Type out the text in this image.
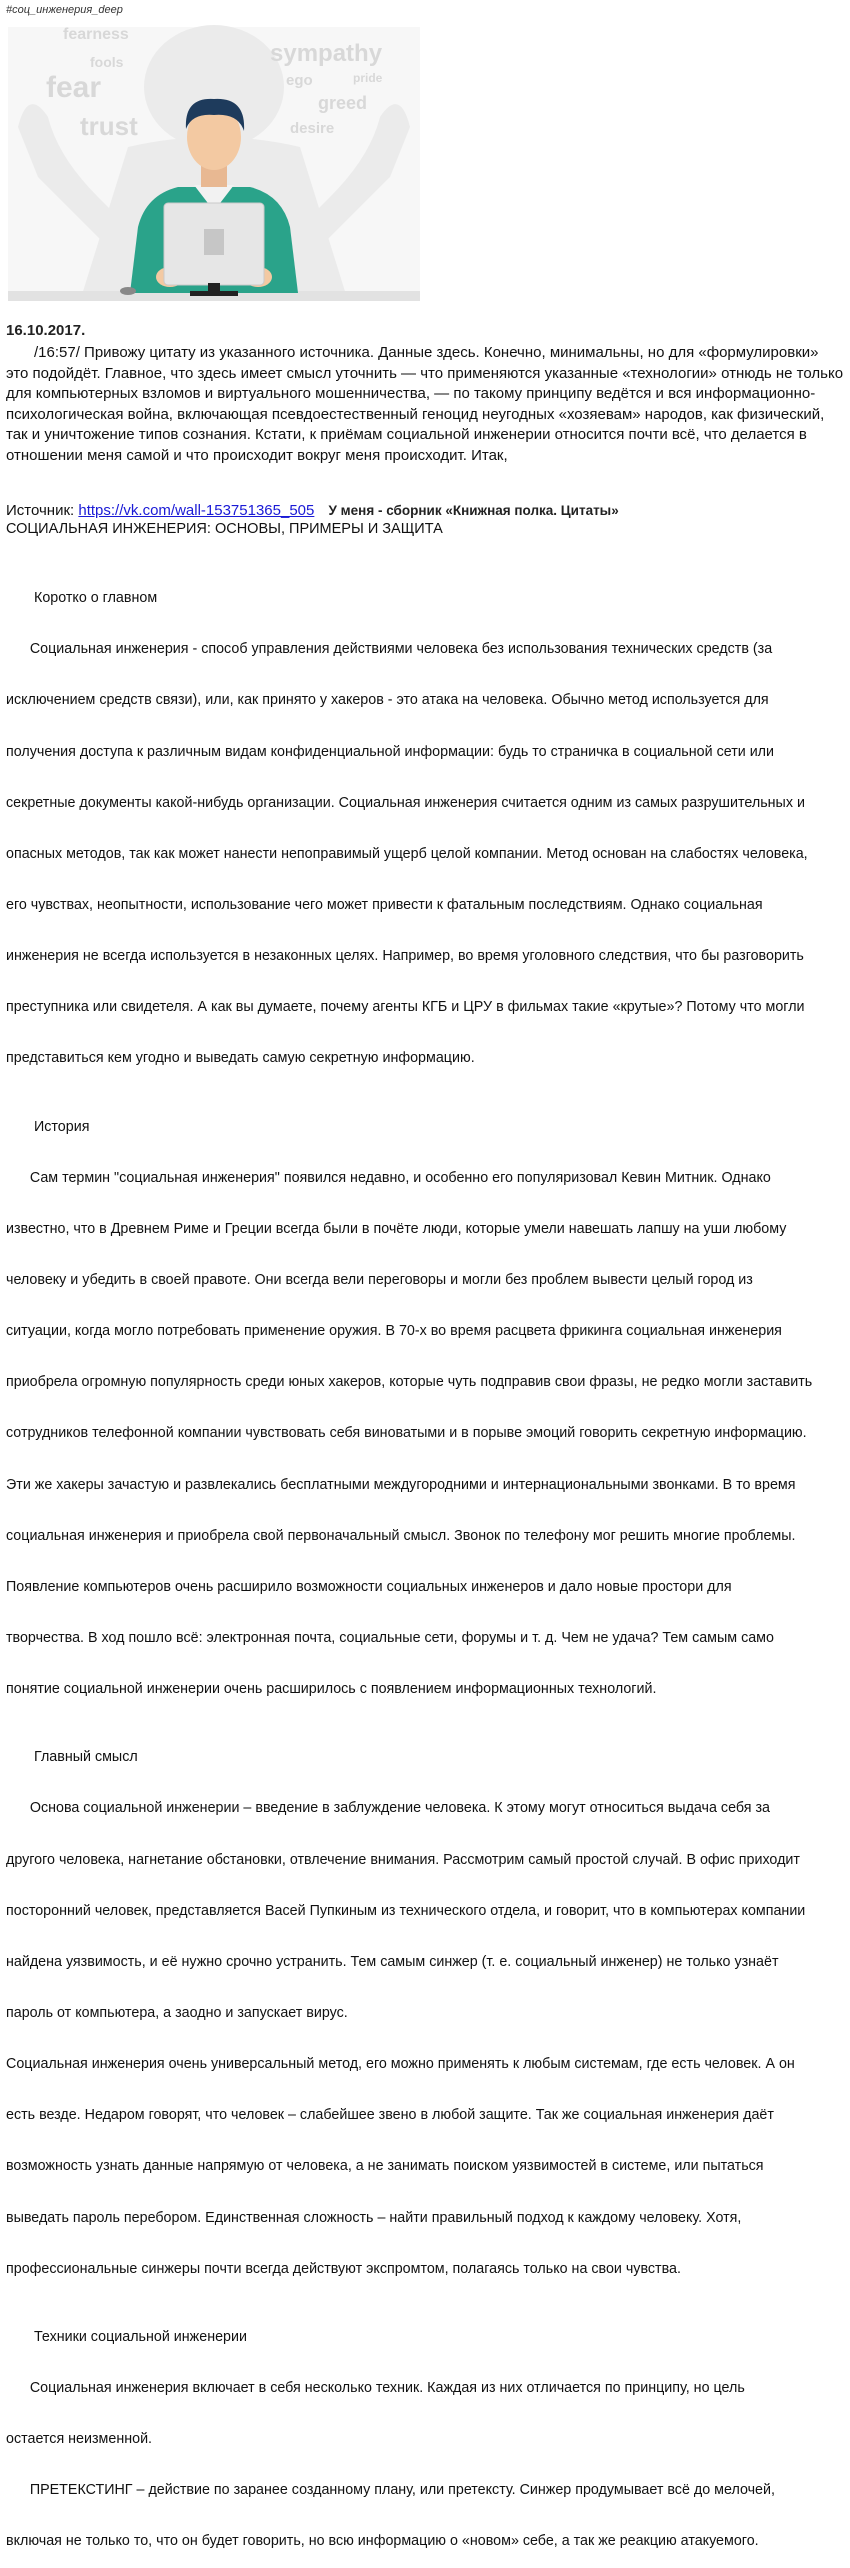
#соц_инженерия_deep
fearness
fools	sympathy
fear	ego	pride
greed
trust	desire
16.10.2017.
/16:57/ Привожу цитату из указанного источника. Данные здесь. Конечно, минимальны, но для «формулировки»
это подойдёт. Главное, что здесь имеет смысл уточнить — что применяются указанные «технологии» отнюдь не только
для компьютерных взломов и виртуального мошенничества, — по такому принципу ведётся и вся информационно-
психологическая война, включающая псевдоестественный геноцид неугодных «хозяевам» народов, как физический,
так и уничтожение типов сознания. Кстати, к приёмам социальной инженерии относится почти всё, что делается в
отношении меня самой и что происходит вокруг меня происходит. Итак,
Источник: https://vk.com/wall-153751365_505 У меня - сборник «Книжная полка. Цитаты»
СОЦИАЛЬНАЯ ИНЖЕНЕРИЯ: ОСНОВЫ, ПРИМЕРЫ И ЗАЩИТА

Коротко о главном

Социальная инженерия - способ управления действиями человека без использования технических средств (за

исключением средств связи), или, как принято у хакеров - это атака на человека. Обычно метод используется для

получения доступа к различным видам конфиденциальной информации: будь то страничка в социальной сети или

секретные документы какой-нибудь организации. Социальная инженерия считается одним из самых разрушительных и

опасных методов, так как может нанести непоправимый ущерб целой компании. Метод основан на слабостях человека,

его чувствах, неопытности, использование чего может привести к фатальным последствиям. Однако социальная

инженерия не всегда используется в незаконных целях. Например, во время уголовного следствия, что бы разговорить

преступника или свидетеля. А как вы думаете, почему агенты КГБ и ЦРУ в фильмах такие «крутые»? Потому что могли

представиться кем угодно и выведать самую секретную информацию.

История

Сам термин "социальная инженерия" появился недавно, и особенно его популяризовал Кевин Митник. Однако

известно, что в Древнем Риме и Греции всегда были в почёте люди, которые умели навешать лапшу на уши любому

человеку и убедить в своей правоте. Они всегда вели переговоры и могли без проблем вывести целый город из

ситуации, когда могло потребовать применение оружия. В 70-х во время расцвета фрикинга социальная инженерия

приобрела огромную популярность среди юных хакеров, которые чуть подправив свои фразы, не редко могли заставить

сотрудников телефонной компании чувствовать себя виноватыми и в порыве эмоций говорить секретную информацию.

Эти же хакеры зачастую и развлекались бесплатными междугородними и интернациональными звонками. В то время

социальная инженерия и приобрела свой первоначальный смысл. Звонок по телефону мог решить многие проблемы.

Появление компьютеров очень расширило возможности социальных инженеров и дало новые простори для

творчества. В ход пошло всё: электронная почта, социальные сети, форумы и т. д. Чем не удача? Тем самым само

понятие социальной инженерии очень расширилось с появлением информационных технологий.

Главный смысл

Основа социальной инженерии – введение в заблуждение человека. К этому могут относиться выдача себя за

другого человека, нагнетание обстановки, отвлечение внимания. Рассмотрим самый простой случай. В офис приходит

посторонний человек, представляется Васей Пупкиным из технического отдела, и говорит, что в компьютерах компании

найдена уязвимость, и её нужно срочно устранить. Тем самым синжер (т. е. социальный инженер) не только узнаёт

пароль от компьютера, а заодно и запускает вирус.

Социальная инженерия очень универсальный метод, его можно применять к любым системам, где есть человек. А он

есть везде. Недаром говорят, что человек – слабейшее звено в любой защите. Так же социальная инженерия даёт

возможность узнать данные напрямую от человека, а не занимать поиском уязвимостей в системе, или пытаться

выведать пароль перебором. Единственная сложность – найти правильный подход к каждому человеку. Хотя,

профессиональные синжеры почти всегда действуют экспромтом, полагаясь только на свои чувства.

Техники социальной инженерии

Социальная инженерия включает в себя несколько техник. Каждая из них отличается по принципу, но цель

остается неизменной.

ПРЕТЕКСТИНГ – действие по заранее созданному плану, или претексту. Синжер продумывает всё до мелочей,

включая не только то, что он будет говорить, но всю информацию о «новом» себе, а так же реакцию атакуемого.
